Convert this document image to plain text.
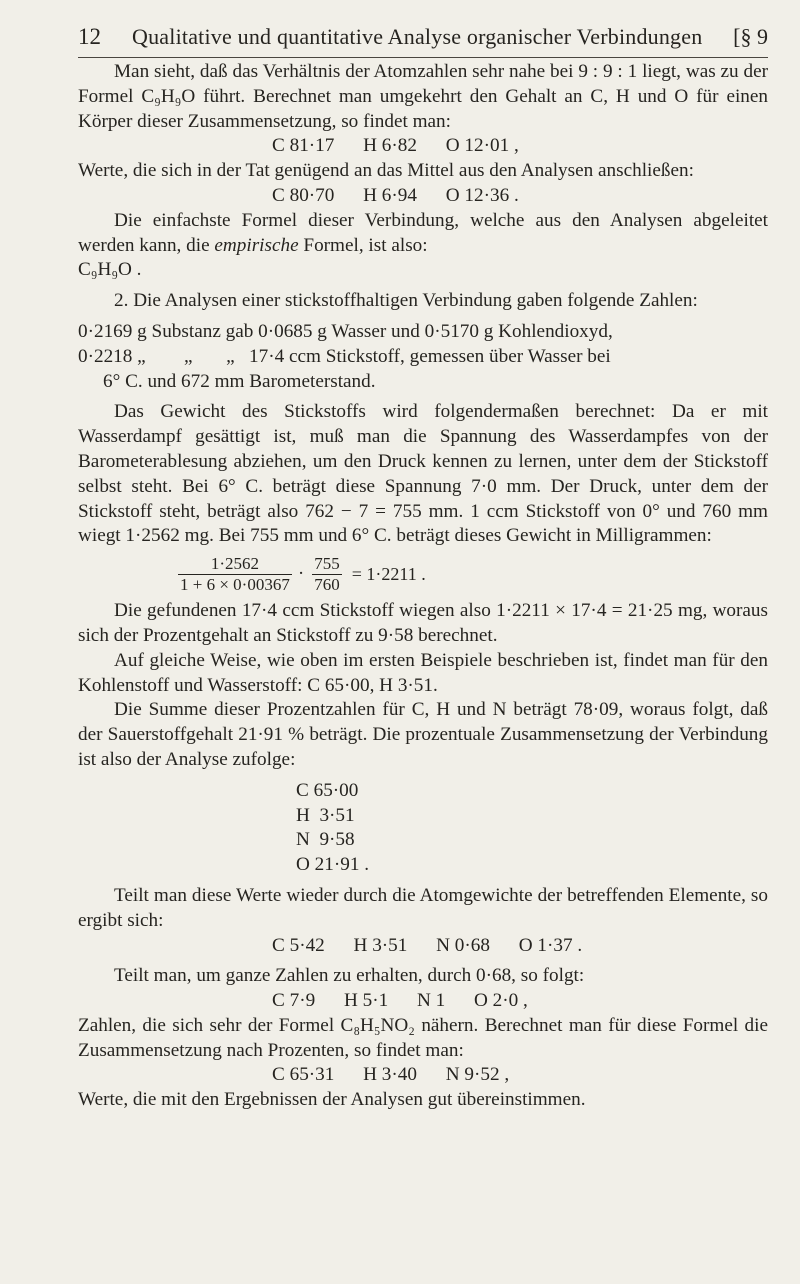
12	Qualitative und quantitative Analyse organischer Verbindungen	[§ 9

Man sieht, daß das Verhältnis der Atomzahlen sehr nahe bei 9 : 9 : 1 liegt, was zu der Formel C₉H₉O führt. Berechnet man umgekehrt den Gehalt an C, H und O für einen Körper dieser Zusammensetzung, so findet man:

C 81·17      H 6·82      O 12·01 ,

Werte, die sich in der Tat genügend an das Mittel aus den Analysen anschließen:

C 80·70      H 6·94      O 12·36 .

Die einfachste Formel dieser Verbindung, welche aus den Analysen abgeleitet werden kann, die empirische Formel, ist also:

C₉H₉O .

2. Die Analysen einer stickstoffhaltigen Verbindung gaben folgende Zahlen:

0·2169 g Substanz gab 0·0685 g Wasser und 0·5170 g Kohlendioxyd,

0·2218 „        „       „   17·4 ccm Stickstoff, gemessen über Wasser bei

6° C. und 672 mm Barometerstand.

Das Gewicht des Stickstoffs wird folgendermaßen berechnet: Da er mit Wasserdampf gesättigt ist, muß man die Spannung des Wasserdampfes von der Barometerablesung abziehen, um den Druck kennen zu lernen, unter dem der Stickstoff selbst steht. Bei 6° C. beträgt diese Spannung 7·0 mm. Der Druck, unter dem der Stickstoff steht, beträgt also 762 − 7 = 755 mm. 1 ccm Stickstoff von 0° und 760 mm wiegt 1·2562 mg. Bei 755 mm und 6° C. beträgt dieses Gewicht in Milligrammen:

$\frac{1\cdot 2562}{1 + 6 \times 0\cdot 00367} \cdot \frac{755}{760} = 1\cdot 2211$ .

Die gefundenen 17·4 ccm Stickstoff wiegen also 1·2211 × 17·4 = 21·25 mg, woraus sich der Prozentgehalt an Stickstoff zu 9·58 berechnet.

Auf gleiche Weise, wie oben im ersten Beispiele beschrieben ist, findet man für den Kohlenstoff und Wasserstoff: C 65·00, H 3·51.

Die Summe dieser Prozentzahlen für C, H und N beträgt 78·09, woraus folgt, daß der Sauerstoffgehalt 21·91 % beträgt. Die prozentuale Zusammensetzung der Verbindung ist also der Analyse zufolge:

C 65·00

H  3·51

N  9·58

O 21·91 .

Teilt man diese Werte wieder durch die Atomgewichte der betreffenden Elemente, so ergibt sich:

C 5·42      H 3·51      N 0·68      O 1·37 .

Teilt man, um ganze Zahlen zu erhalten, durch 0·68, so folgt:

C 7·9      H 5·1      N 1      O 2·0 ,

Zahlen, die sich sehr der Formel C₈H₅NO₂ nähern. Berechnet man für diese Formel die Zusammensetzung nach Prozenten, so findet man:

C 65·31      H 3·40      N 9·52 ,

Werte, die mit den Ergebnissen der Analysen gut übereinstimmen.
